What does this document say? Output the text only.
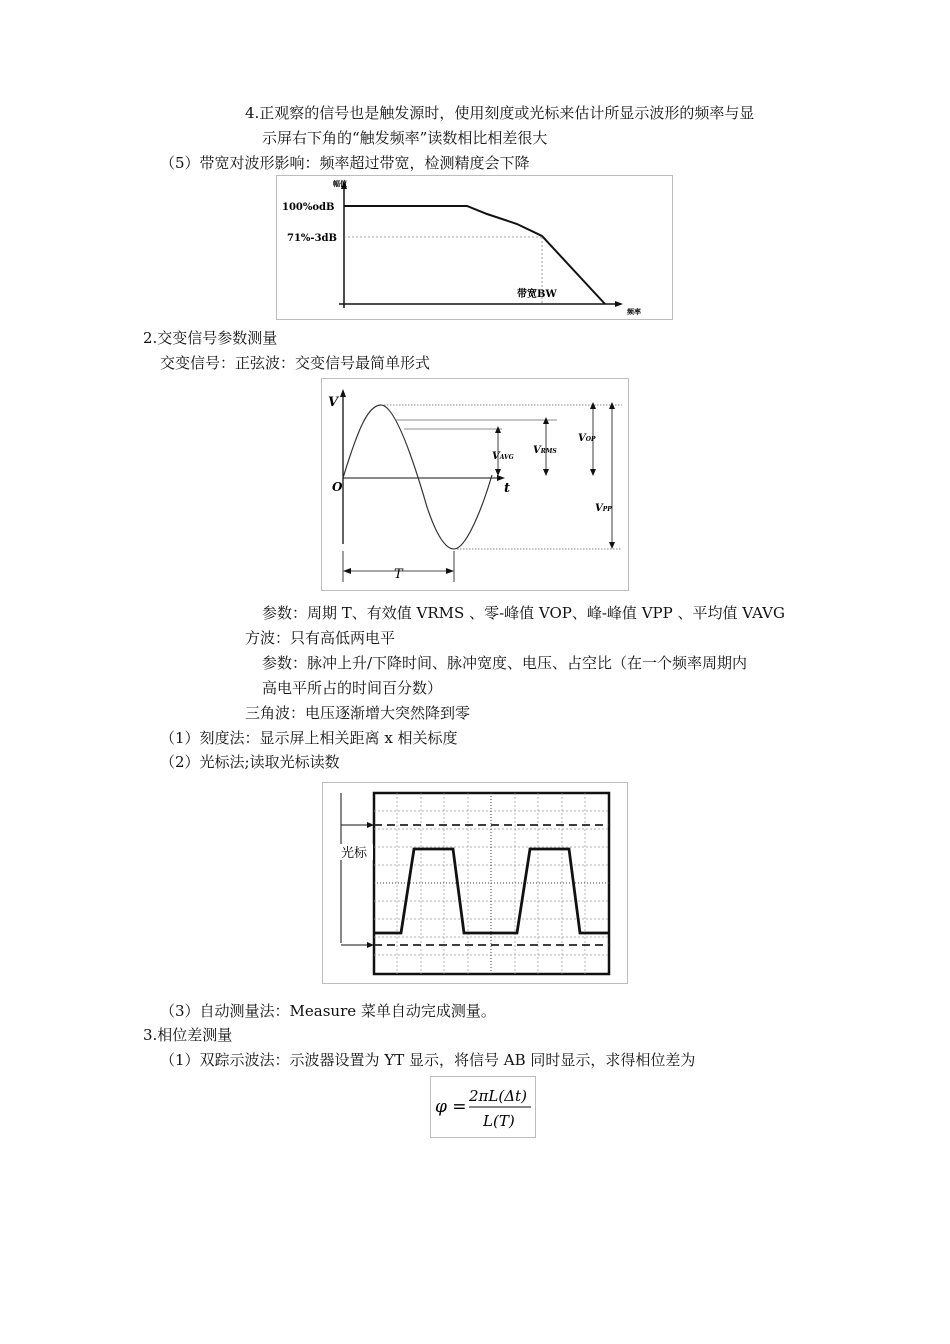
4.正观察的信号也是触发源时，使用刻度或光标来估计所显示波形的频率与显
示屏右下角的“触发频率”读数相比相差很大
（5）带宽对波形影响：频率超过带宽，检测精度会下降
幅值
频率
100%odB
71%-3dB
带宽BW
2.交变信号参数测量
交变信号：正弦波：交变信号最简单形式
V
O	t
T
VAVG
VRMS
VOP
VPP
参数：周期 T、有效值 VRMS 、零-峰值 VOP、峰-峰值 VPP 、平均值 VAVG
方波：只有高低两电平
参数：脉冲上升/下降时间、脉冲宽度、电压、占空比（在一个频率周期内
高电平所占的时间百分数）
三角波：电压逐渐增大突然降到零
（1）刻度法：显示屏上相关距离 x 相关标度
（2）光标法;读取光标读数
光标
（3）自动测量法：Measure 菜单自动完成测量。
3.相位差测量
（1）双踪示波法：示波器设置为 YT 显示，将信号 AB 同时显示，求得相位差为
φ =
2πL(Δt)
L(T)
